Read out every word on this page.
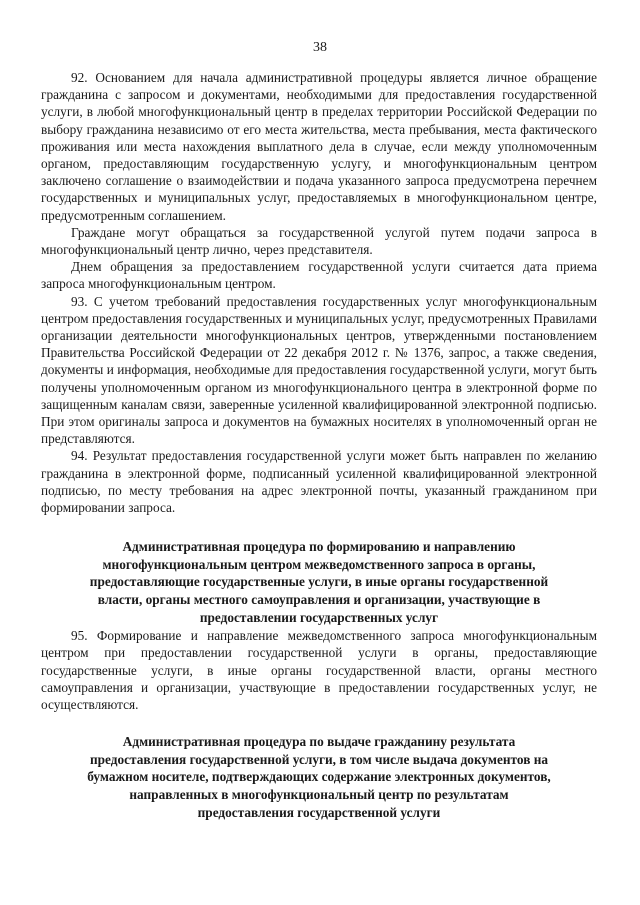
38

92. Основанием для начала административной процедуры является личное обращение гражданина с запросом и документами, необходимыми для предоставления государственной услуги, в любой многофункциональный центр в пределах территории Российской Федерации по выбору гражданина независимо от его места жительства, места пребывания, места фактического проживания или места нахождения выплатного дела в случае, если между уполномоченным органом, предоставляющим государственную услугу, и многофункциональным центром заключено соглашение о взаимодействии и подача указанного запроса предусмотрена перечнем государственных и муниципальных услуг, предоставляемых в многофункциональном центре, предусмотренным соглашением.

Граждане могут обращаться за государственной услугой путем подачи запроса в многофункциональный центр лично, через представителя.

Днем обращения за предоставлением государственной услуги считается дата приема запроса многофункциональным центром.

93. С учетом требований предоставления государственных услуг многофункциональным центром предоставления государственных и муниципальных услуг, предусмотренных Правилами организации деятельности многофункциональных центров, утвержденными постановлением Правительства Российской Федерации от 22 декабря 2012 г. № 1376, запрос, а также сведения, документы и информация, необходимые для предоставления государственной услуги, могут быть получены уполномоченным органом из многофункционального центра в электронной форме по защищенным каналам связи, заверенные усиленной квалифицированной электронной подписью. При этом оригиналы запроса и документов на бумажных носителях в уполномоченный орган не представляются.

94. Результат предоставления государственной услуги может быть направлен по желанию гражданина в электронной форме, подписанный усиленной квалифицированной электронной подписью, по месту требования на адрес электронной почты, указанный гражданином при формировании запроса.

Административная процедура по формированию и направлению многофункциональным центром межведомственного запроса в органы, предоставляющие государственные услуги, в иные органы государственной власти, органы местного самоуправления и организации, участвующие в предоставлении государственных услуг

95. Формирование и направление межведомственного запроса многофункциональным центром при предоставлении государственной услуги в органы, предоставляющие государственные услуги, в иные органы государственной власти, органы местного самоуправления и организации, участвующие в предоставлении государственных услуг, не осуществляются.

Административная процедура по выдаче гражданину результата предоставления государственной услуги, в том числе выдача документов на бумажном носителе, подтверждающих содержание электронных документов, направленных в многофункциональный центр по результатам предоставления государственной услуги
